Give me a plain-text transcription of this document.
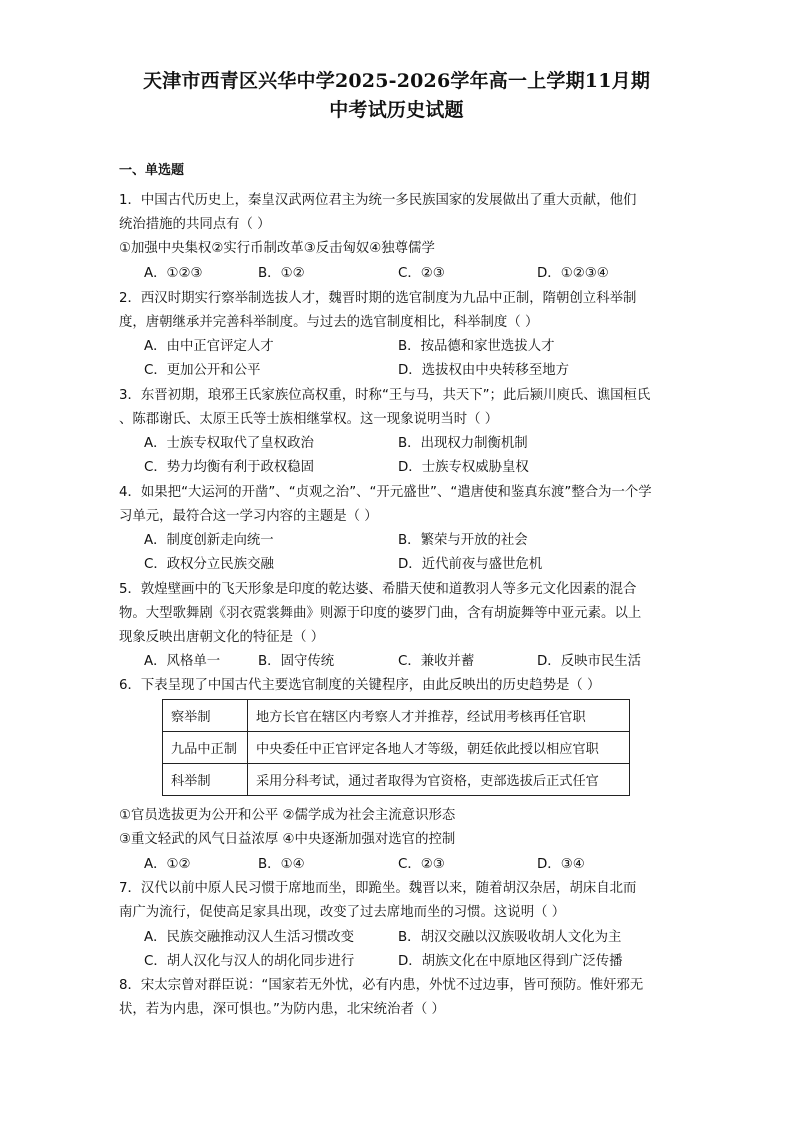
天津市西青区兴华中学2025-2026学年高一上学期11月期
中考试历史试题
一、单选题
1．中国古代历史上，秦皇汉武两位君主为统一多民族国家的发展做出了重大贡献，他们
统治措施的共同点有（ ）
①加强中央集权②实行币制改革③反击匈奴④独尊儒学
A．①②③	B．①②	C．②③	D．①②③④
2．西汉时期实行察举制选拔人才，魏晋时期的选官制度为九品中正制，隋朝创立科举制
度，唐朝继承并完善科举制度。与过去的选官制度相比，科举制度（ ）
A．由中正官评定人才	B．按品德和家世选拔人才
C．更加公开和公平	D．选拔权由中央转移至地方
3．东晋初期，琅邪王氏家族位高权重，时称“王与马，共天下”；此后颍川庾氏、谯国桓氏
、陈郡谢氏、太原王氏等士族相继掌权。这一现象说明当时（ ）
A．士族专权取代了皇权政治	B．出现权力制衡机制
C．势力均衡有利于政权稳固	D．士族专权威胁皇权
4．如果把“大运河的开凿”、“贞观之治”、“开元盛世”、“遣唐使和鉴真东渡”整合为一个学
习单元，最符合这一学习内容的主题是（ ）
A．制度创新走向统一	B．繁荣与开放的社会
C．政权分立民族交融	D．近代前夜与盛世危机
5．敦煌壁画中的飞天形象是印度的乾达婆、希腊天使和道教羽人等多元文化因素的混合
物。大型歌舞剧《羽衣霓裳舞曲》则源于印度的婆罗门曲，含有胡旋舞等中亚元素。以上
现象反映出唐朝文化的特征是（ ）
A．风格单一	B．固守传统	C．兼收并蓄	D．反映市民生活
6．下表呈现了中国古代主要选官制度的关键程序，由此反映出的历史趋势是（ ）
察举制	地方长官在辖区内考察人才并推荐，经试用考核再任官职
九品中正制	中央委任中正官评定各地人才等级，朝廷依此授以相应官职
科举制	采用分科考试，通过者取得为官资格，吏部选拔后正式任官
①官员选拔更为公开和公平 ②儒学成为社会主流意识形态
③重文轻武的风气日益浓厚 ④中央逐渐加强对选官的控制
A．①②	B．①④	C．②③	D．③④
7．汉代以前中原人民习惯于席地而坐，即跪坐。魏晋以来，随着胡汉杂居，胡床自北而
南广为流行，促使高足家具出现，改变了过去席地而坐的习惯。这说明（ ）
A．民族交融推动汉人生活习惯改变	B．胡汉交融以汉族吸收胡人文化为主
C．胡人汉化与汉人的胡化同步进行	D．胡族文化在中原地区得到广泛传播
8．宋太宗曾对群臣说：“国家若无外忧，必有内患，外忧不过边事，皆可预防。惟奸邪无
状，若为内患，深可惧也。”为防内患，北宋统治者（ ）
